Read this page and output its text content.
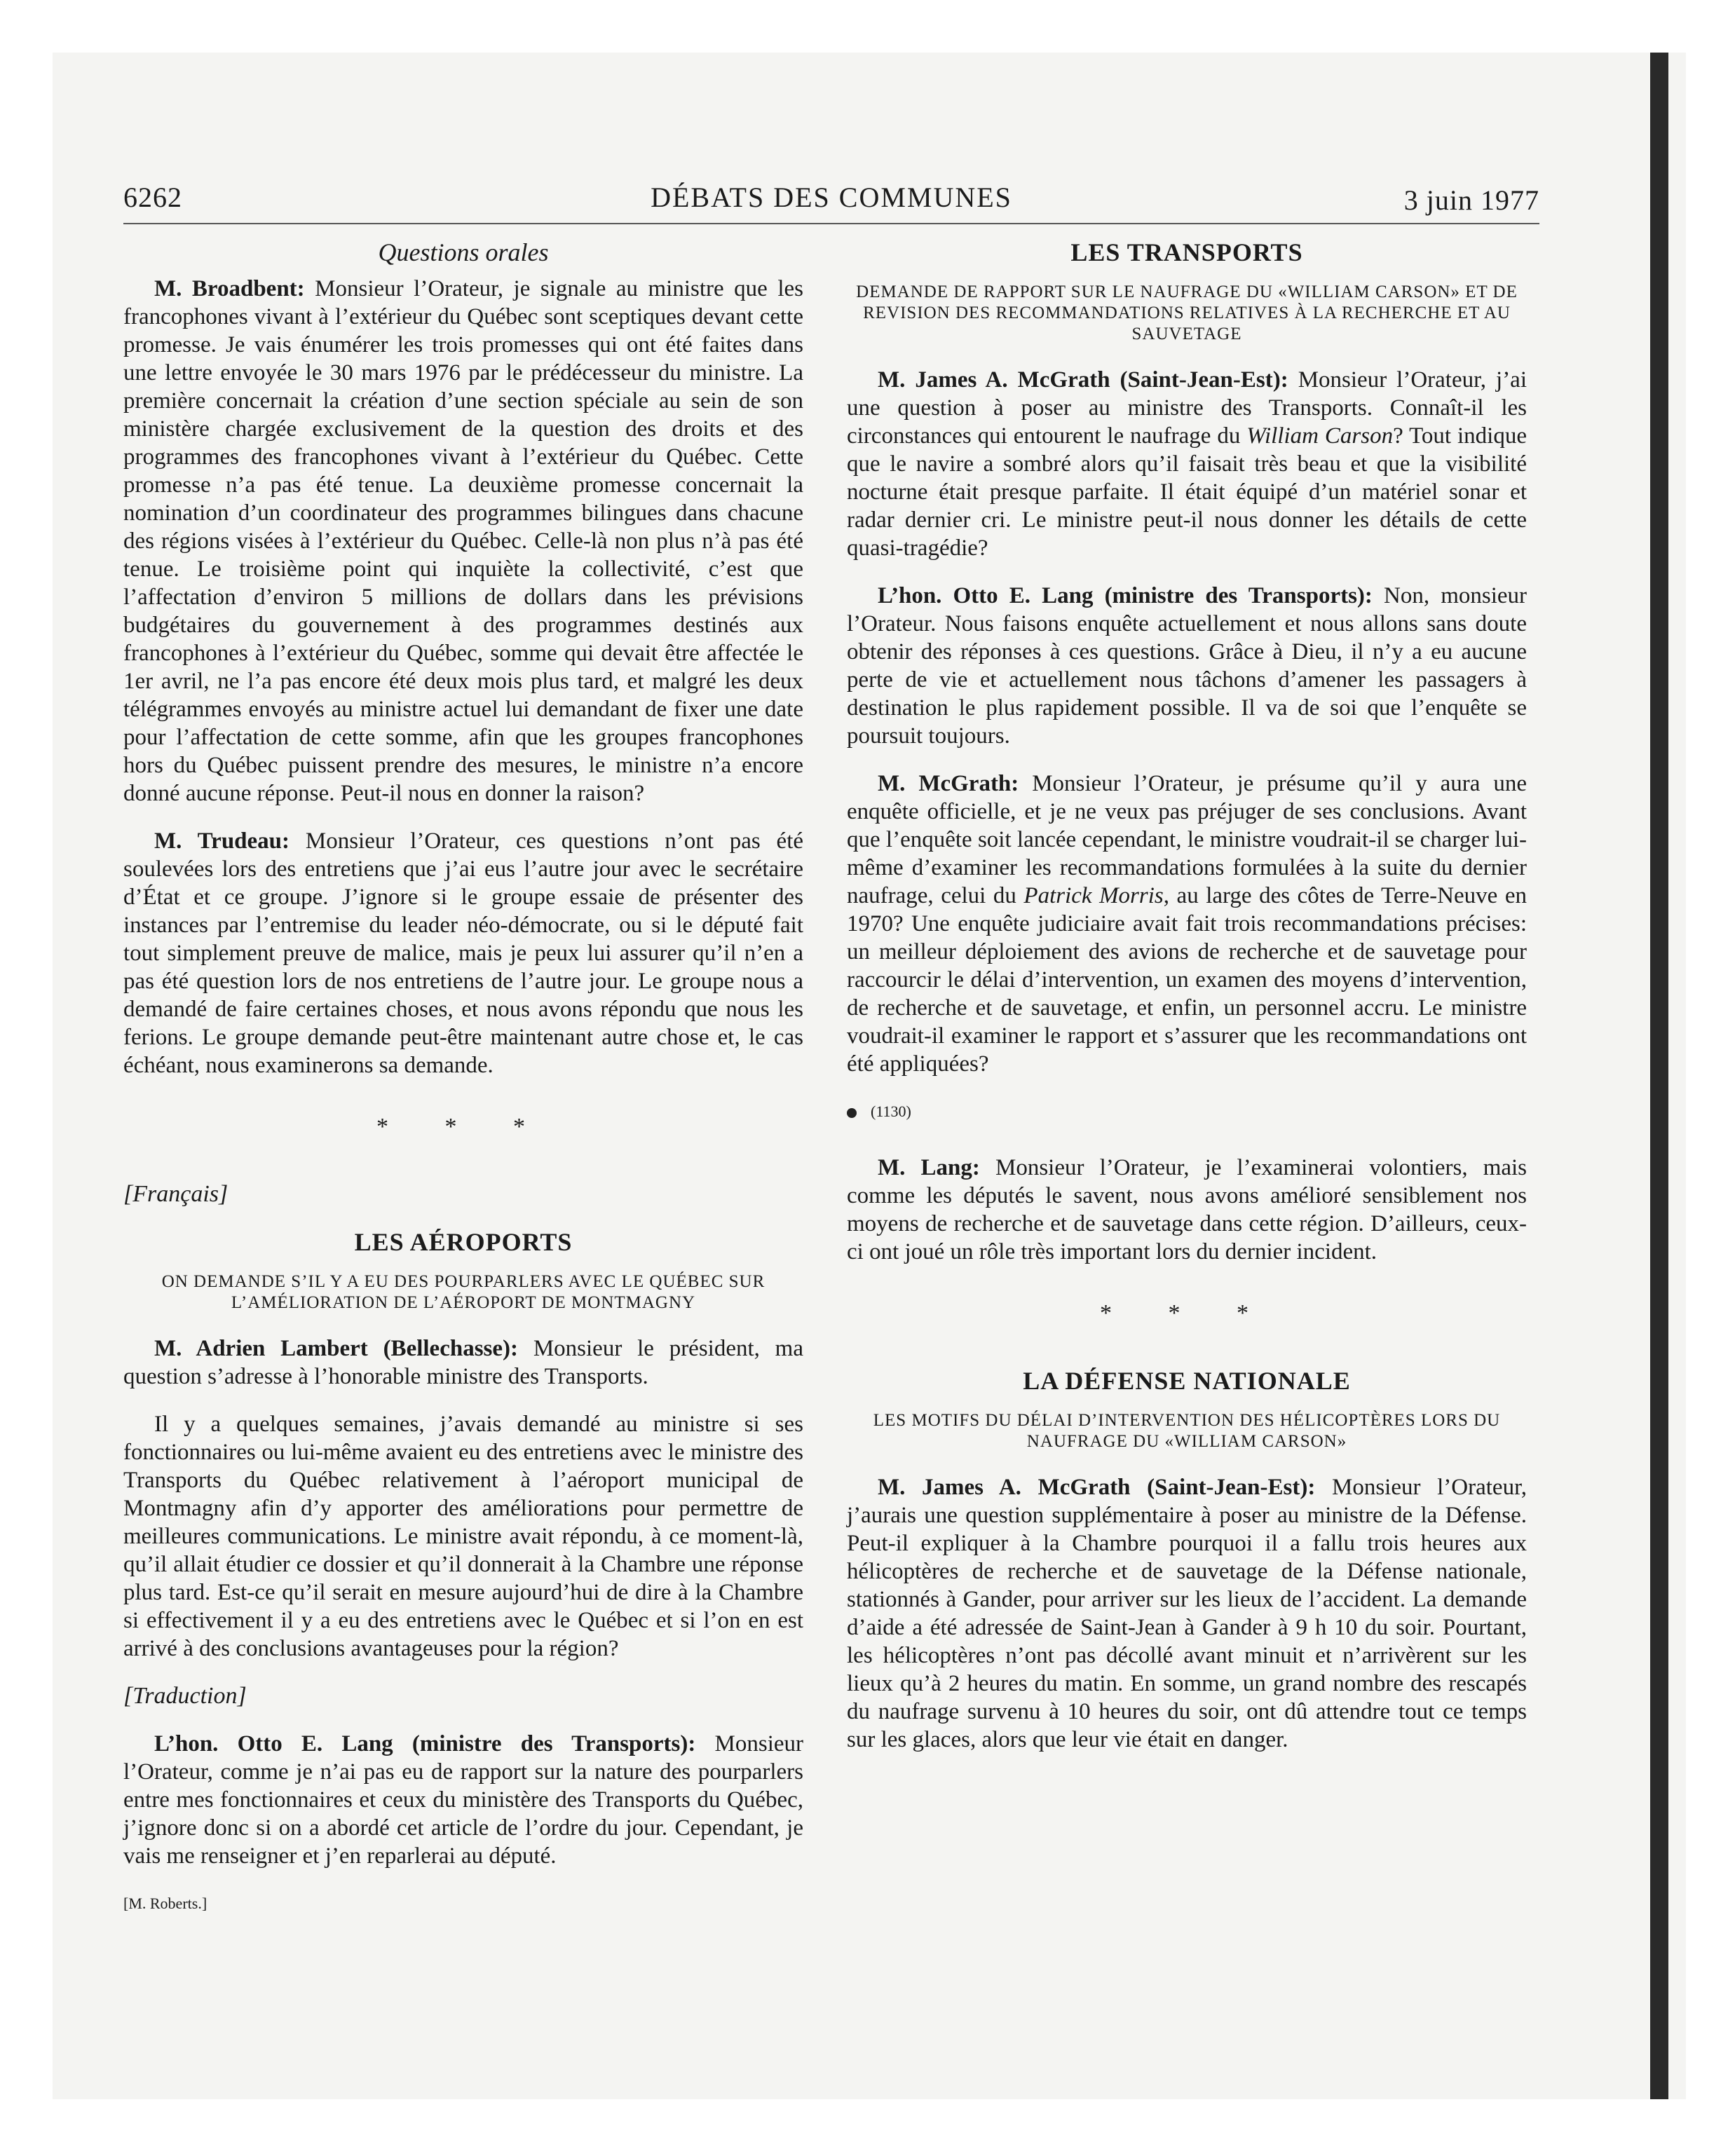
6262	DÉBATS DES COMMUNES	3 juin 1977
Questions orales

M. Broadbent: Monsieur l’Orateur, je signale au ministre que les francophones vivant à l’extérieur du Québec sont sceptiques devant cette promesse. Je vais énumérer les trois promesses qui ont été faites dans une lettre envoyée le 30 mars 1976 par le prédécesseur du ministre. La première concernait la création d’une section spéciale au sein de son ministère chargée exclusivement de la question des droits et des programmes des francophones vivant à l’extérieur du Québec. Cette promesse n’a pas été tenue. La deuxième promesse concernait la nomination d’un coordinateur des programmes bilingues dans chacune des régions visées à l’extérieur du Québec. Celle-là non plus n’à pas été tenue. Le troisième point qui inquiète la collectivité, c’est que l’affectation d’environ 5 millions de dollars dans les prévisions budgétaires du gouvernement à des programmes destinés aux francophones à l’extérieur du Québec, somme qui devait être affectée le 1er avril, ne l’a pas encore été deux mois plus tard, et malgré les deux télégrammes envoyés au ministre actuel lui demandant de fixer une date pour l’affectation de cette somme, afin que les groupes francophones hors du Québec puissent prendre des mesures, le ministre n’a encore donné aucune réponse. Peut-il nous en donner la raison?

M. Trudeau: Monsieur l’Orateur, ces questions n’ont pas été soulevées lors des entretiens que j’ai eus l’autre jour avec le secrétaire d’État et ce groupe. J’ignore si le groupe essaie de présenter des instances par l’entremise du leader néo-démocrate, ou si le député fait tout simplement preuve de malice, mais je peux lui assurer qu’il n’en a pas été question lors de nos entretiens de l’autre jour. Le groupe nous a demandé de faire certaines choses, et nous avons répondu que nous les ferions. Le groupe demande peut-être maintenant autre chose et, le cas échéant, nous examinerons sa demande.

* * *

[Français]

LES AÉROPORTS
ON DEMANDE S’IL Y A EU DES POURPARLERS AVEC LE QUÉBEC SUR L’AMÉLIORATION DE L’AÉROPORT DE MONTMAGNY

M. Adrien Lambert (Bellechasse): Monsieur le président, ma question s’adresse à l’honorable ministre des Transports.

Il y a quelques semaines, j’avais demandé au ministre si ses fonctionnaires ou lui-même avaient eu des entretiens avec le ministre des Transports du Québec relativement à l’aéroport municipal de Montmagny afin d’y apporter des améliorations pour permettre de meilleures communications. Le ministre avait répondu, à ce moment-là, qu’il allait étudier ce dossier et qu’il donnerait à la Chambre une réponse plus tard. Est-ce qu’il serait en mesure aujourd’hui de dire à la Chambre si effectivement il y a eu des entretiens avec le Québec et si l’on en est arrivé à des conclusions avantageuses pour la région?

[Traduction]

L’hon. Otto E. Lang (ministre des Transports): Monsieur l’Orateur, comme je n’ai pas eu de rapport sur la nature des pourparlers entre mes fonctionnaires et ceux du ministère des Transports du Québec, j’ignore donc si on a abordé cet article de l’ordre du jour. Cependant, je vais me renseigner et j’en reparlerai au député.

[M. Roberts.]

LES TRANSPORTS
DEMANDE DE RAPPORT SUR LE NAUFRAGE DU «WILLIAM CARSON» ET DE REVISION DES RECOMMANDATIONS RELATIVES À LA RECHERCHE ET AU SAUVETAGE

M. James A. McGrath (Saint-Jean-Est): Monsieur l’Orateur, j’ai une question à poser au ministre des Transports. Connaît-il les circonstances qui entourent le naufrage du William Carson? Tout indique que le navire a sombré alors qu’il faisait très beau et que la visibilité nocturne était presque parfaite. Il était équipé d’un matériel sonar et radar dernier cri. Le ministre peut-il nous donner les détails de cette quasi-tragédie?

L’hon. Otto E. Lang (ministre des Transports): Non, monsieur l’Orateur. Nous faisons enquête actuellement et nous allons sans doute obtenir des réponses à ces questions. Grâce à Dieu, il n’y a eu aucune perte de vie et actuellement nous tâchons d’amener les passagers à destination le plus rapidement possible. Il va de soi que l’enquête se poursuit toujours.

M. McGrath: Monsieur l’Orateur, je présume qu’il y aura une enquête officielle, et je ne veux pas préjuger de ses conclusions. Avant que l’enquête soit lancée cependant, le ministre voudrait-il se charger lui-même d’examiner les recommandations formulées à la suite du dernier naufrage, celui du Patrick Morris, au large des côtes de Terre-Neuve en 1970? Une enquête judiciaire avait fait trois recommandations précises: un meilleur déploiement des avions de recherche et de sauvetage pour raccourcir le délai d’intervention, un examen des moyens d’intervention, de recherche et de sauvetage, et enfin, un personnel accru. Le ministre voudrait-il examiner le rapport et s’assurer que les recommandations ont été appliquées?

(1130)

M. Lang: Monsieur l’Orateur, je l’examinerai volontiers, mais comme les députés le savent, nous avons amélioré sensiblement nos moyens de recherche et de sauvetage dans cette région. D’ailleurs, ceux-ci ont joué un rôle très important lors du dernier incident.

* * *
LA DÉFENSE NATIONALE
LES MOTIFS DU DÉLAI D’INTERVENTION DES HÉLICOPTÈRES LORS DU NAUFRAGE DU «WILLIAM CARSON»

M. James A. McGrath (Saint-Jean-Est): Monsieur l’Orateur, j’aurais une question supplémentaire à poser au ministre de la Défense. Peut-il expliquer à la Chambre pourquoi il a fallu trois heures aux hélicoptères de recherche et de sauvetage de la Défense nationale, stationnés à Gander, pour arriver sur les lieux de l’accident. La demande d’aide a été adressée de Saint-Jean à Gander à 9 h 10 du soir. Pourtant, les hélicoptères n’ont pas décollé avant minuit et n’arrivèrent sur les lieux qu’à 2 heures du matin. En somme, un grand nombre des rescapés du naufrage survenu à 10 heures du soir, ont dû attendre tout ce temps sur les glaces, alors que leur vie était en danger.
